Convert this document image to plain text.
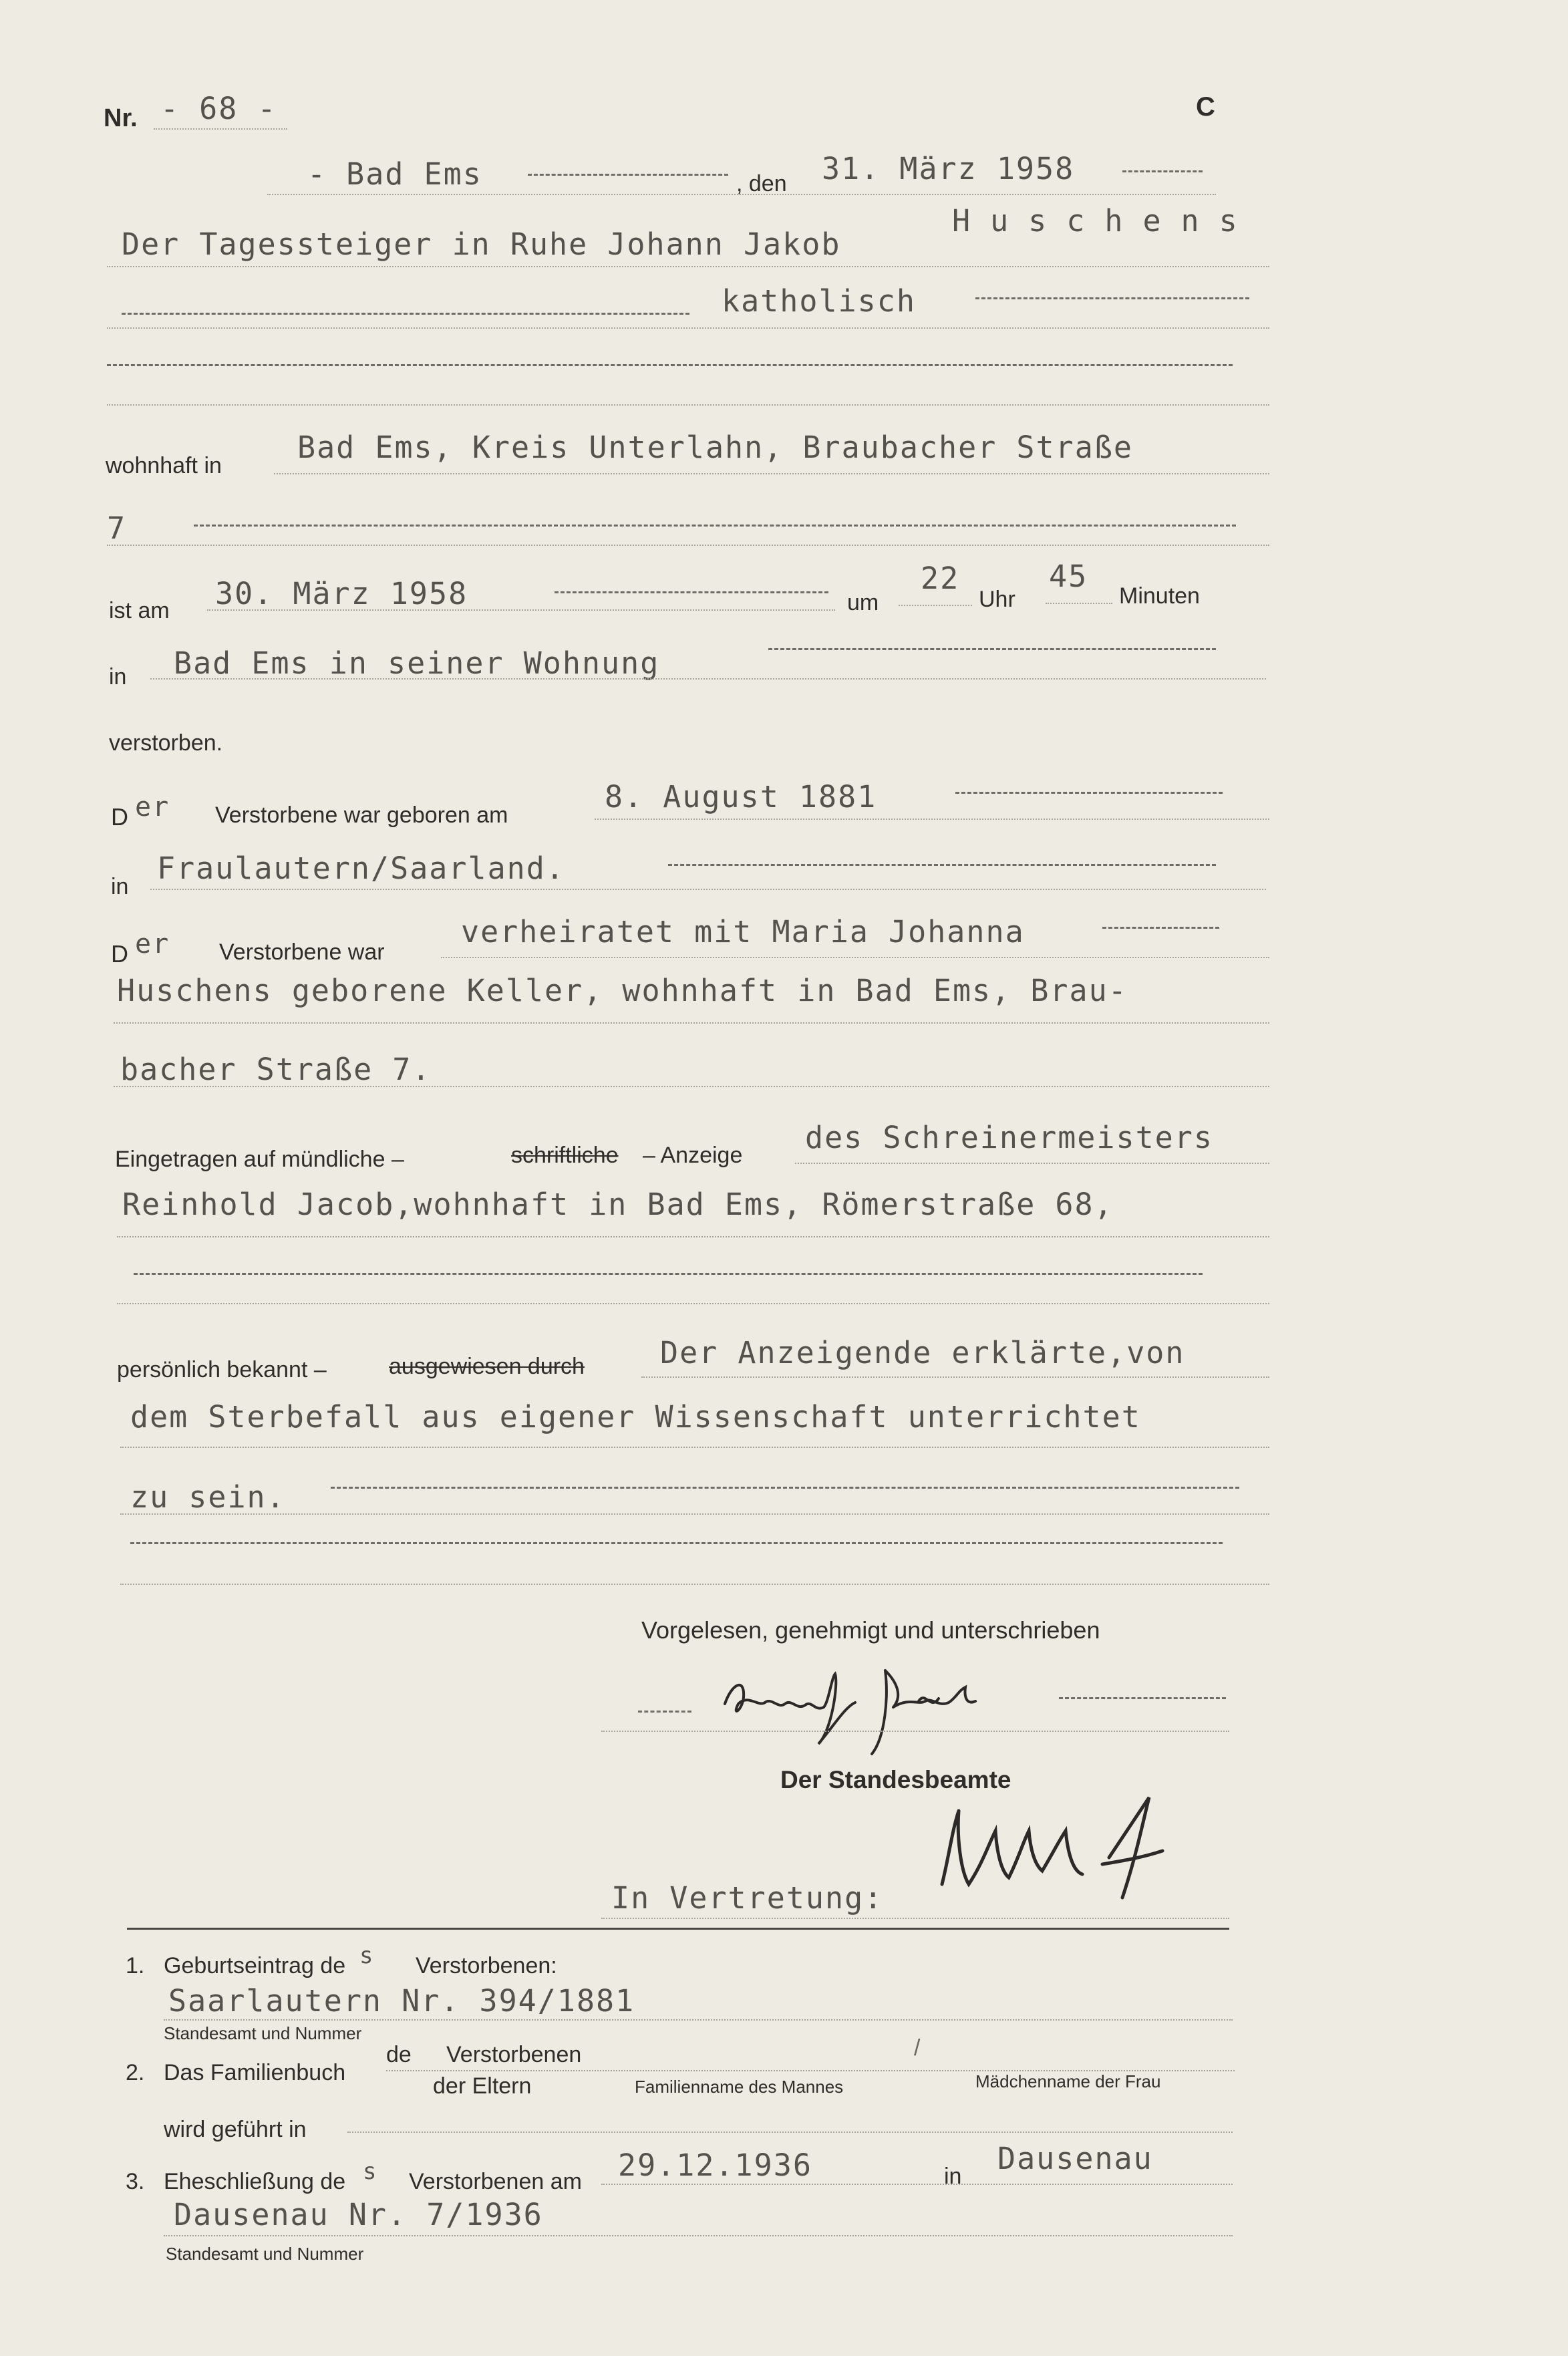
Nr. - 68 -	C
- Bad Ems	, den 31. März 1958
Der Tagessteiger in Ruhe Johann Jakob
Huschens
katholisch
wohnhaft in
Bad Ems, Kreis Unterlahn, Braubacher Straße
7
ist am 30. März 1958	um
22
Uhr
45
Minuten
in Bad Ems in seiner Wohnung
verstorben.
D er Verstorbene war geboren am
8. August 1881
in
Fraulautern/Saarland.
D er Verstorbene war
verheiratet mit Maria Johanna
Huschens geborene Keller, wohnhaft in Bad Ems, Brau-
bacher Straße 7.
Eingetragen auf mündliche –	schriftliche – Anzeige des Schreinermeisters
Reinhold Jacob,wohnhaft in Bad Ems, Römerstraße 68,
persönlich bekannt –	ausgewiesen durch	Der Anzeigende erklärte,von
dem Sterbefall aus eigener Wissenschaft unterrichtet
zu sein.
Vorgelesen, genehmigt und unterschrieben
Der Standesbeamte
In Vertretung:
1. Geburtseintrag de s Verstorbenen:
Saarlautern Nr. 394/1881
Standesamt und Nummer
2. Das Familienbuch
de Verstorbenen
der Eltern	Familienname des Mannes
/
Mädchenname der Frau
wird geführt in
3. Eheschließung de s Verstorbenen am 29.12.1936	in Dausenau
Dausenau Nr. 7/1936
Standesamt und Nummer
